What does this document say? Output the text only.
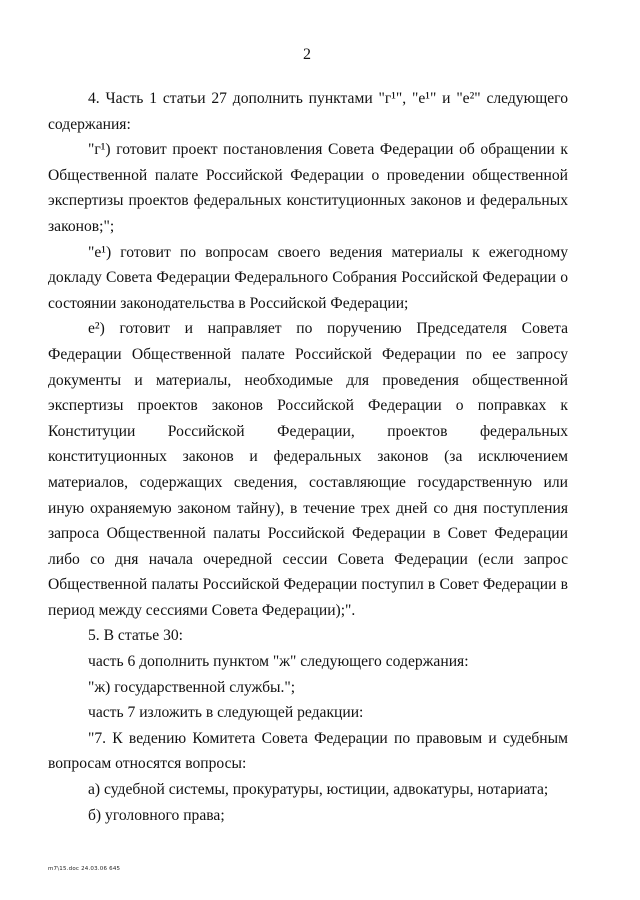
2

4. Часть 1 статьи 27 дополнить пунктами "г¹", "е¹" и "е²" следующего содержания:

"г¹) готовит проект постановления Совета Федерации об обращении к Общественной палате Российской Федерации о проведении общественной экспертизы проектов федеральных конституционных законов и федеральных законов;";

"е¹) готовит по вопросам своего ведения материалы к ежегодному докладу Совета Федерации Федерального Собрания Российской Федерации о состоянии законодательства в Российской Федерации;

е²) готовит и направляет по поручению Председателя Совета Федерации Общественной палате Российской Федерации по ее запросу документы и материалы, необходимые для проведения общественной экспертизы проектов законов Российской Федерации о поправках к Конституции Российской Федерации, проектов федеральных конституционных законов и федеральных законов (за исключением материалов, содержащих сведения, составляющие государственную или иную охраняемую законом тайну), в течение трех дней со дня поступления запроса Общественной палаты Российской Федерации в Совет Федерации либо со дня начала очередной сессии Совета Федерации (если запрос Общественной палаты Российской Федерации поступил в Совет Федерации в период между сессиями Совета Федерации);".

5. В статье 30:

часть 6 дополнить пунктом "ж" следующего содержания:

"ж) государственной службы.";

часть 7 изложить в следующей редакции:

"7. К ведению Комитета Совета Федерации по правовым и судебным вопросам относятся вопросы:

а) судебной системы, прокуратуры, юстиции, адвокатуры, нотариата;

б) уголовного права;

m7\15.doc 24.03.06 645
